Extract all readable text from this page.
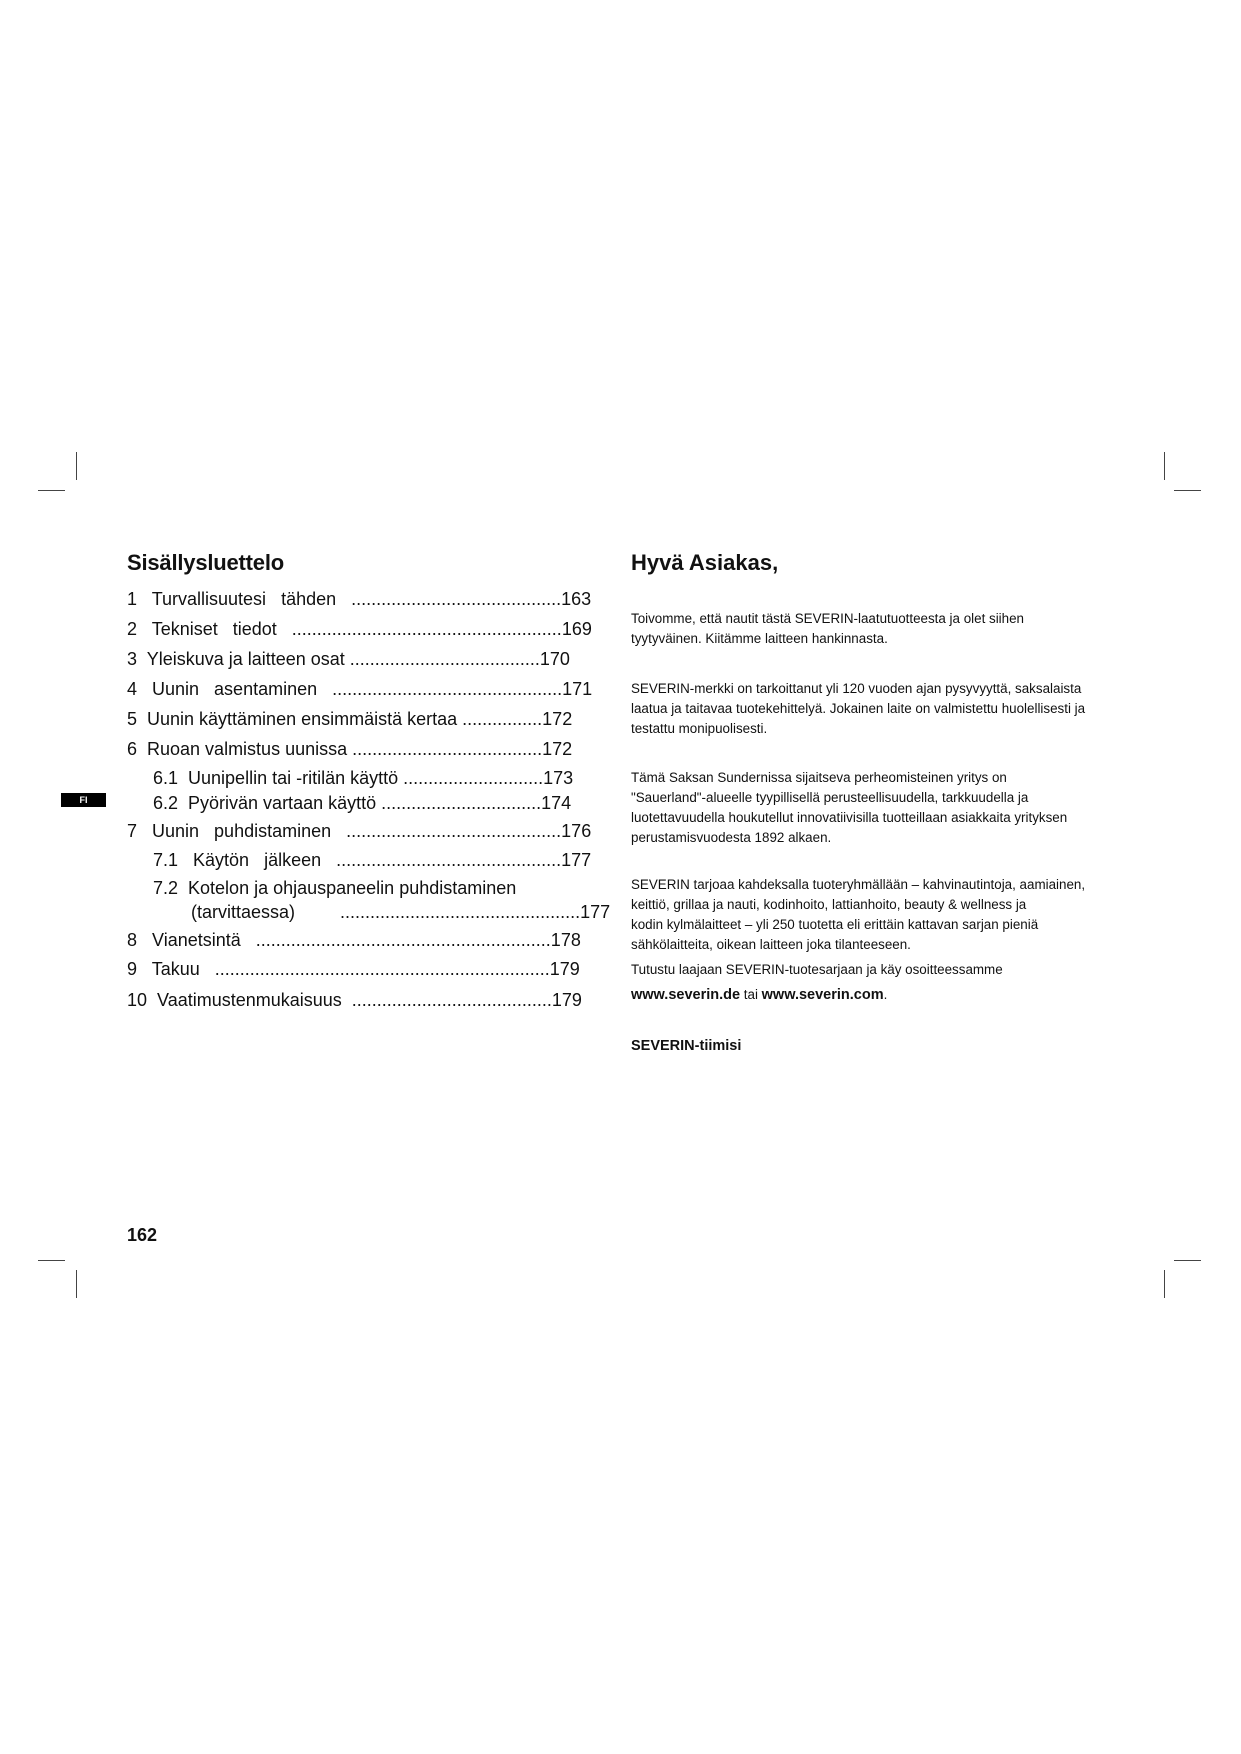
Sisällysluettelo
1   Turvallisuutesi   tähden   ..........................................163
2   Tekniset   tiedot   ......................................................169
3  Yleiskuva ja laitteen osat ......................................170
4   Uunin   asentaminen   ..............................................171
5  Uunin käyttäminen ensimmäistä kertaa ................172
6  Ruoan valmistus uunissa ......................................172
6.1  Uunipellin tai -ritilän käyttö ............................173
6.2  Pyörivän vartaan käyttö ................................174
7   Uunin   puhdistaminen   ...........................................176
7.1   Käytön   jälkeen   .............................................177
7.2  Kotelon ja ohjauspaneelin puhdistaminen
(tarvittaessa)         ................................................177
8   Vianetsintä   ...........................................................178
9   Takuu   ...................................................................179
10  Vaatimustenmukaisuus  ........................................179
FI
Hyvä Asiakas,
Toivomme, että nautit tästä SEVERIN-laatutuotteesta ja olet siihen
tyytyväinen. Kiitämme laitteen hankinnasta.
SEVERIN-merkki on tarkoittanut yli 120 vuoden ajan pysyvyyttä, saksalaista
laatua ja taitavaa tuotekehittelyä. Jokainen laite on valmistettu huolellisesti ja
testattu monipuolisesti.
Tämä Saksan Sundernissa sijaitseva perheomisteinen yritys on
"Sauerland"-alueelle tyypillisellä perusteellisuudella, tarkkuudella ja
luotettavuudella houkutellut innovatiivisilla tuotteillaan asiakkaita yrityksen
perustamisvuodesta 1892 alkaen.
SEVERIN tarjoaa kahdeksalla tuoteryhmällään – kahvinautintoja, aamiainen,
keittiö, grillaa ja nauti, kodinhoito, lattianhoito, beauty & wellness ja
kodin kylmälaitteet – yli 250 tuotetta eli erittäin kattavan sarjan pieniä
sähkölaitteita, oikean laitteen joka tilanteeseen.
Tutustu laajaan SEVERIN-tuotesarjaan ja käy osoitteessamme
www.severin.de tai www.severin.com.
SEVERIN-tiimisi
162
